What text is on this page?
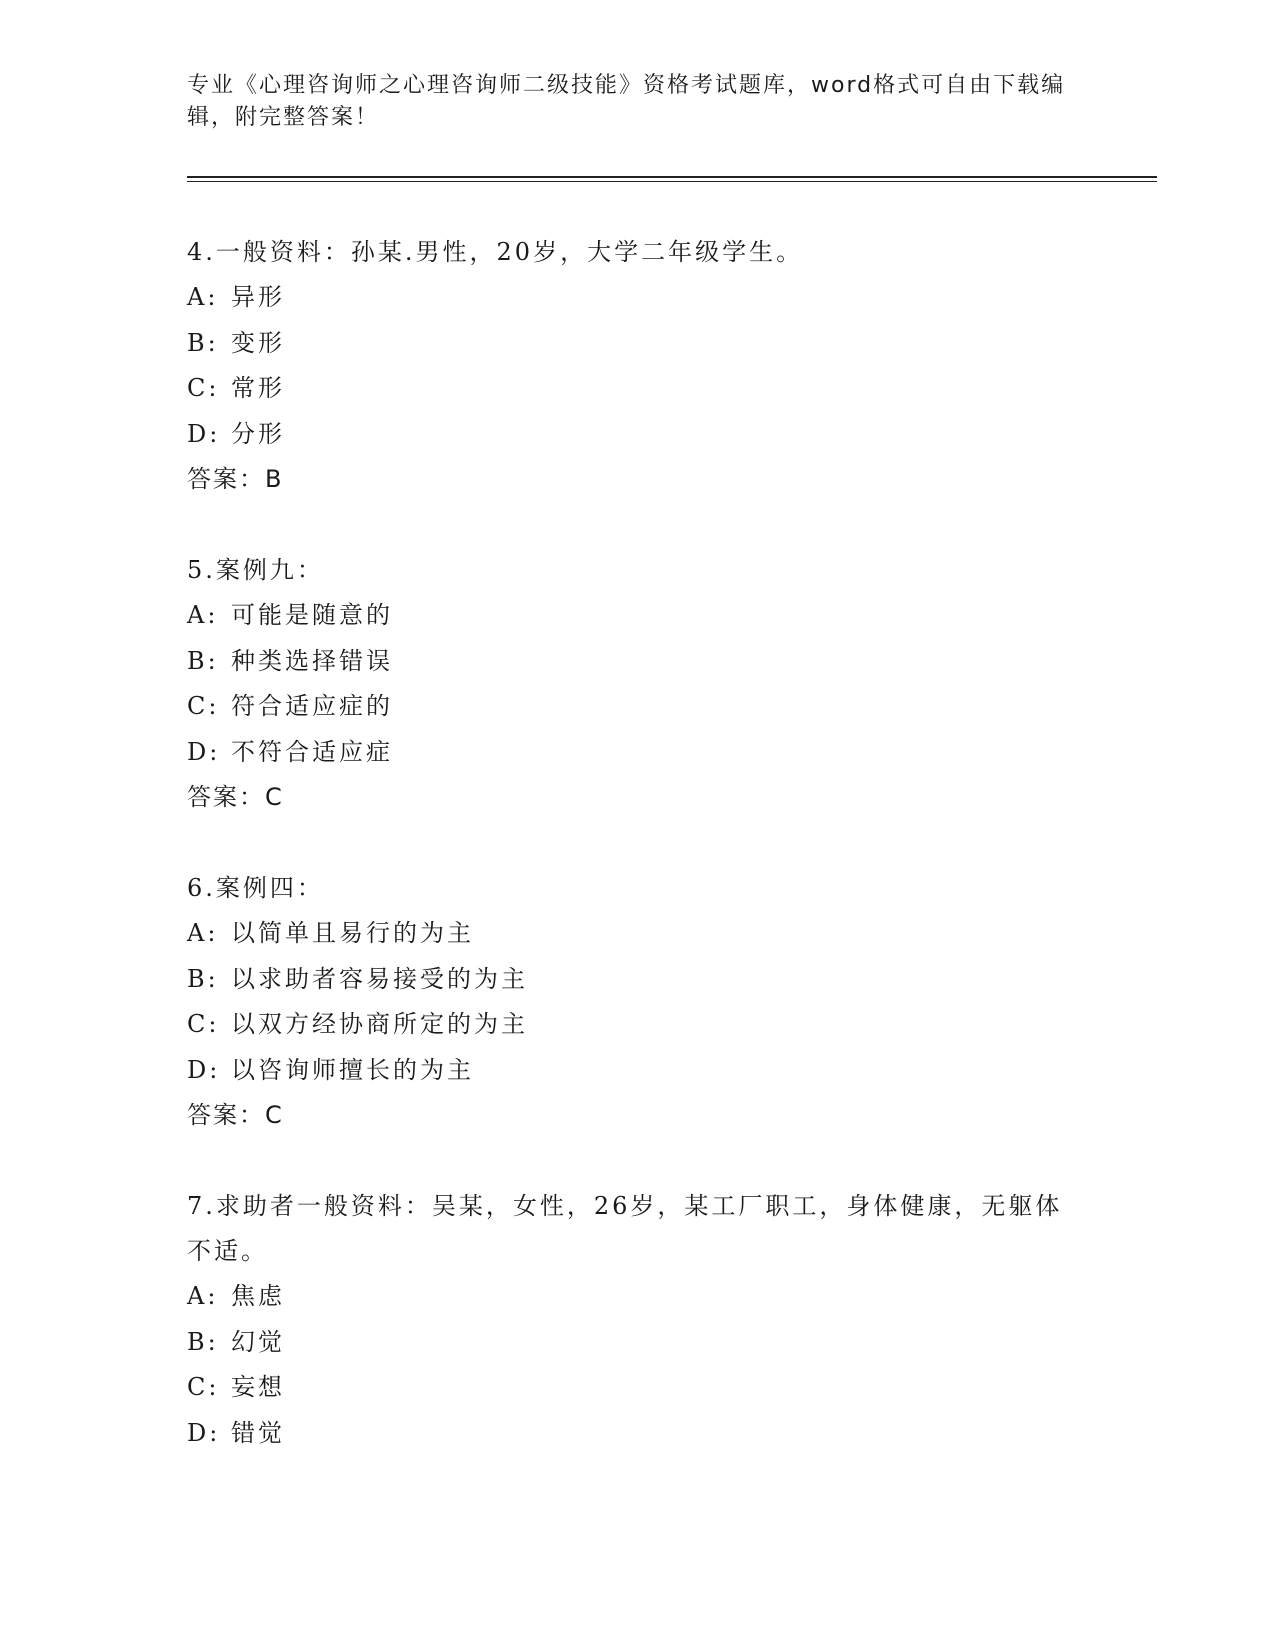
专业《心理咨询师之心理咨询师二级技能》资格考试题库，word格式可自由下载编辑，附完整答案！

4.一般资料：孙某.男性，20岁，大学二年级学生。

A: 异形

B: 变形

C: 常形

D: 分形

答案：B

5.案例九：

A: 可能是随意的

B: 种类选择错误

C: 符合适应症的

D: 不符合适应症

答案：C

6.案例四：

A: 以简单且易行的为主

B: 以求助者容易接受的为主

C: 以双方经协商所定的为主

D: 以咨询师擅长的为主

答案：C

7.求助者一般资料：吴某，女性，26岁，某工厂职工，身体健康，无躯体不适。

A: 焦虑

B: 幻觉

C: 妄想

D: 错觉
